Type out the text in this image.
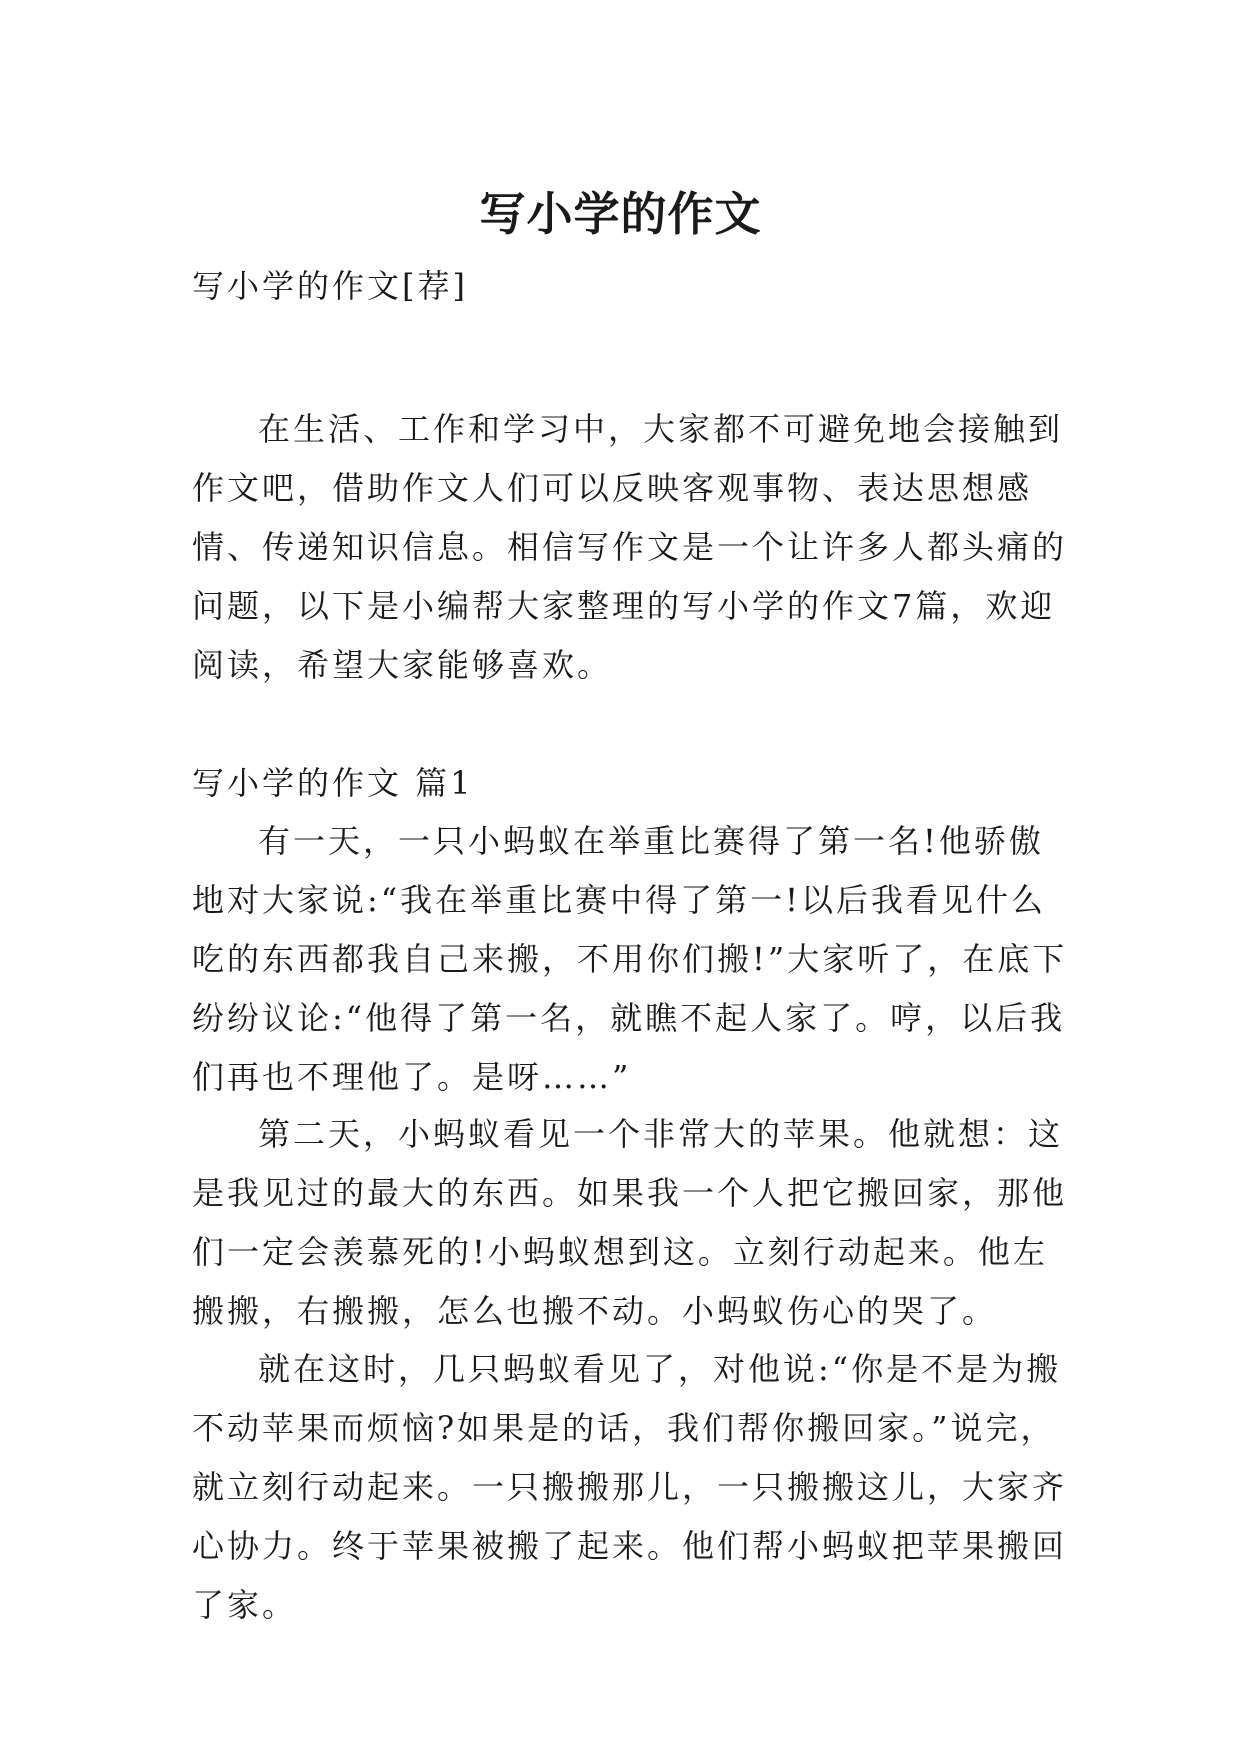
写小学的作文

写小学的作文[荐]

在生活、工作和学习中，大家都不可避免地会接触到作文吧，借助作文人们可以反映客观事物、表达思想感情、传递知识信息。相信写作文是一个让许多人都头痛的问题，以下是小编帮大家整理的写小学的作文7篇，欢迎阅读，希望大家能够喜欢。

写小学的作文 篇1

有一天，一只小蚂蚁在举重比赛得了第一名!他骄傲地对大家说:“我在举重比赛中得了第一!以后我看见什么吃的东西都我自己来搬，不用你们搬!”大家听了，在底下纷纷议论:“他得了第一名，就瞧不起人家了。哼，以后我们再也不理他了。是呀……”

第二天，小蚂蚁看见一个非常大的苹果。他就想：这是我见过的最大的东西。如果我一个人把它搬回家，那他们一定会羡慕死的!小蚂蚁想到这。立刻行动起来。他左搬搬，右搬搬，怎么也搬不动。小蚂蚁伤心的哭了。

就在这时，几只蚂蚁看见了，对他说:“你是不是为搬不动苹果而烦恼?如果是的话，我们帮你搬回家。”说完，就立刻行动起来。一只搬搬那儿，一只搬搬这儿，大家齐心协力。终于苹果被搬了起来。他们帮小蚂蚁把苹果搬回了家。
